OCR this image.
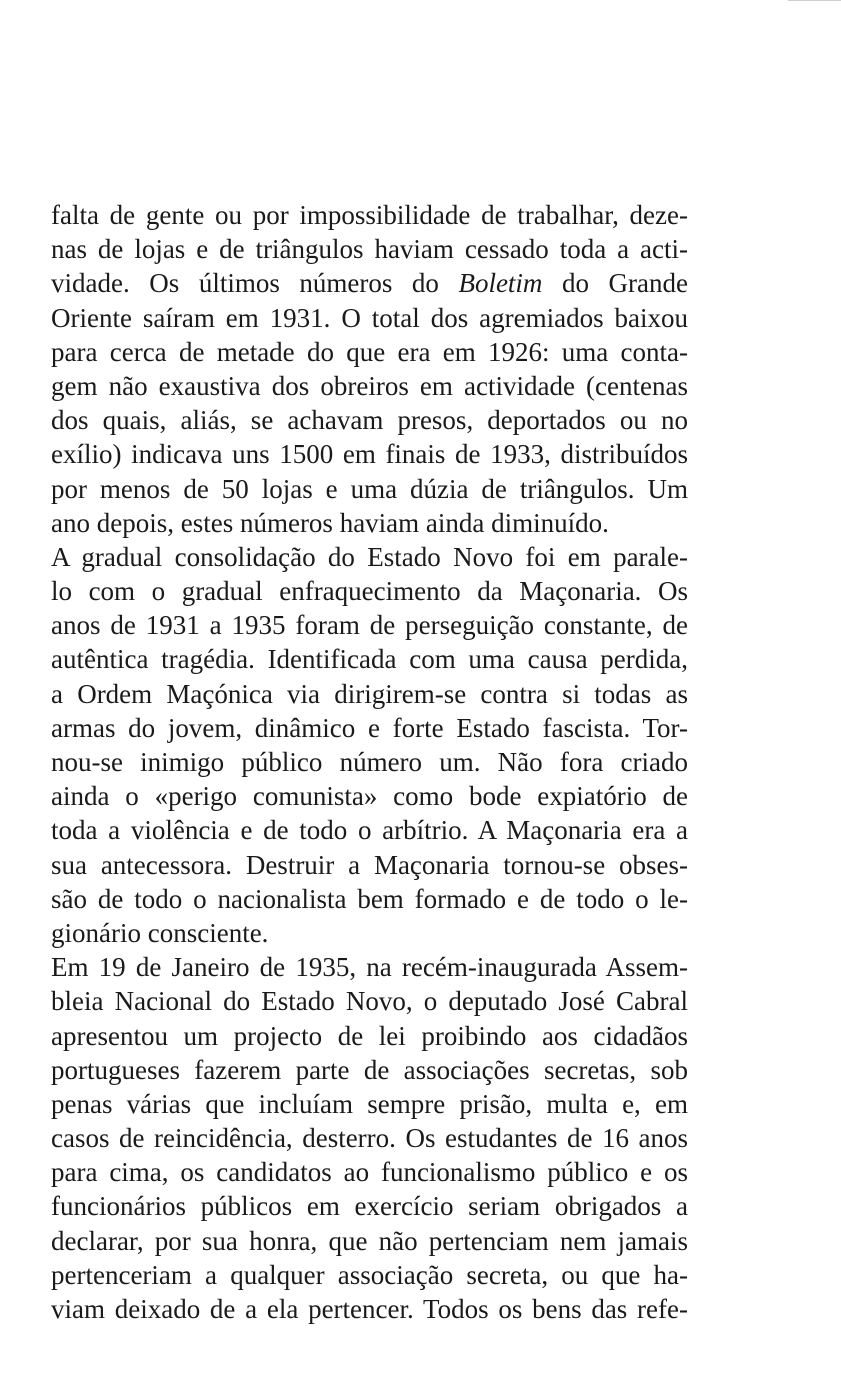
falta de gente ou por impossibilidade de trabalhar, deze-
nas de lojas e de triângulos haviam cessado toda a acti-
vidade. Os últimos números do Boletim do Grande
Oriente saíram em 1931. O total dos agremiados baixou
para cerca de metade do que era em 1926: uma conta-
gem não exaustiva dos obreiros em actividade (centenas
dos quais, aliás, se achavam presos, deportados ou no
exílio) indicava uns 1500 em finais de 1933, distribuídos
por menos de 50 lojas e uma dúzia de triângulos. Um
ano depois, estes números haviam ainda diminuído.
A gradual consolidação do Estado Novo foi em parale-
lo com o gradual enfraquecimento da Maçonaria. Os
anos de 1931 a 1935 foram de perseguição constante, de
autêntica tragédia. Identificada com uma causa perdida,
a Ordem Maçónica via dirigirem-se contra si todas as
armas do jovem, dinâmico e forte Estado fascista. Tor-
nou-se inimigo público número um. Não fora criado
ainda o «perigo comunista» como bode expiatório de
toda a violência e de todo o arbítrio. A Maçonaria era a
sua antecessora. Destruir a Maçonaria tornou-se obses-
são de todo o nacionalista bem formado e de todo o le-
gionário consciente.
Em 19 de Janeiro de 1935, na recém-inaugurada Assem-
bleia Nacional do Estado Novo, o deputado José Cabral
apresentou um projecto de lei proibindo aos cidadãos
portugueses fazerem parte de associações secretas, sob
penas várias que incluíam sempre prisão, multa e, em
casos de reincidência, desterro. Os estudantes de 16 anos
para cima, os candidatos ao funcionalismo público e os
funcionários públicos em exercício seriam obrigados a
declarar, por sua honra, que não pertenciam nem jamais
pertenceriam a qualquer associação secreta, ou que ha-
viam deixado de a ela pertencer. Todos os bens das refe-
